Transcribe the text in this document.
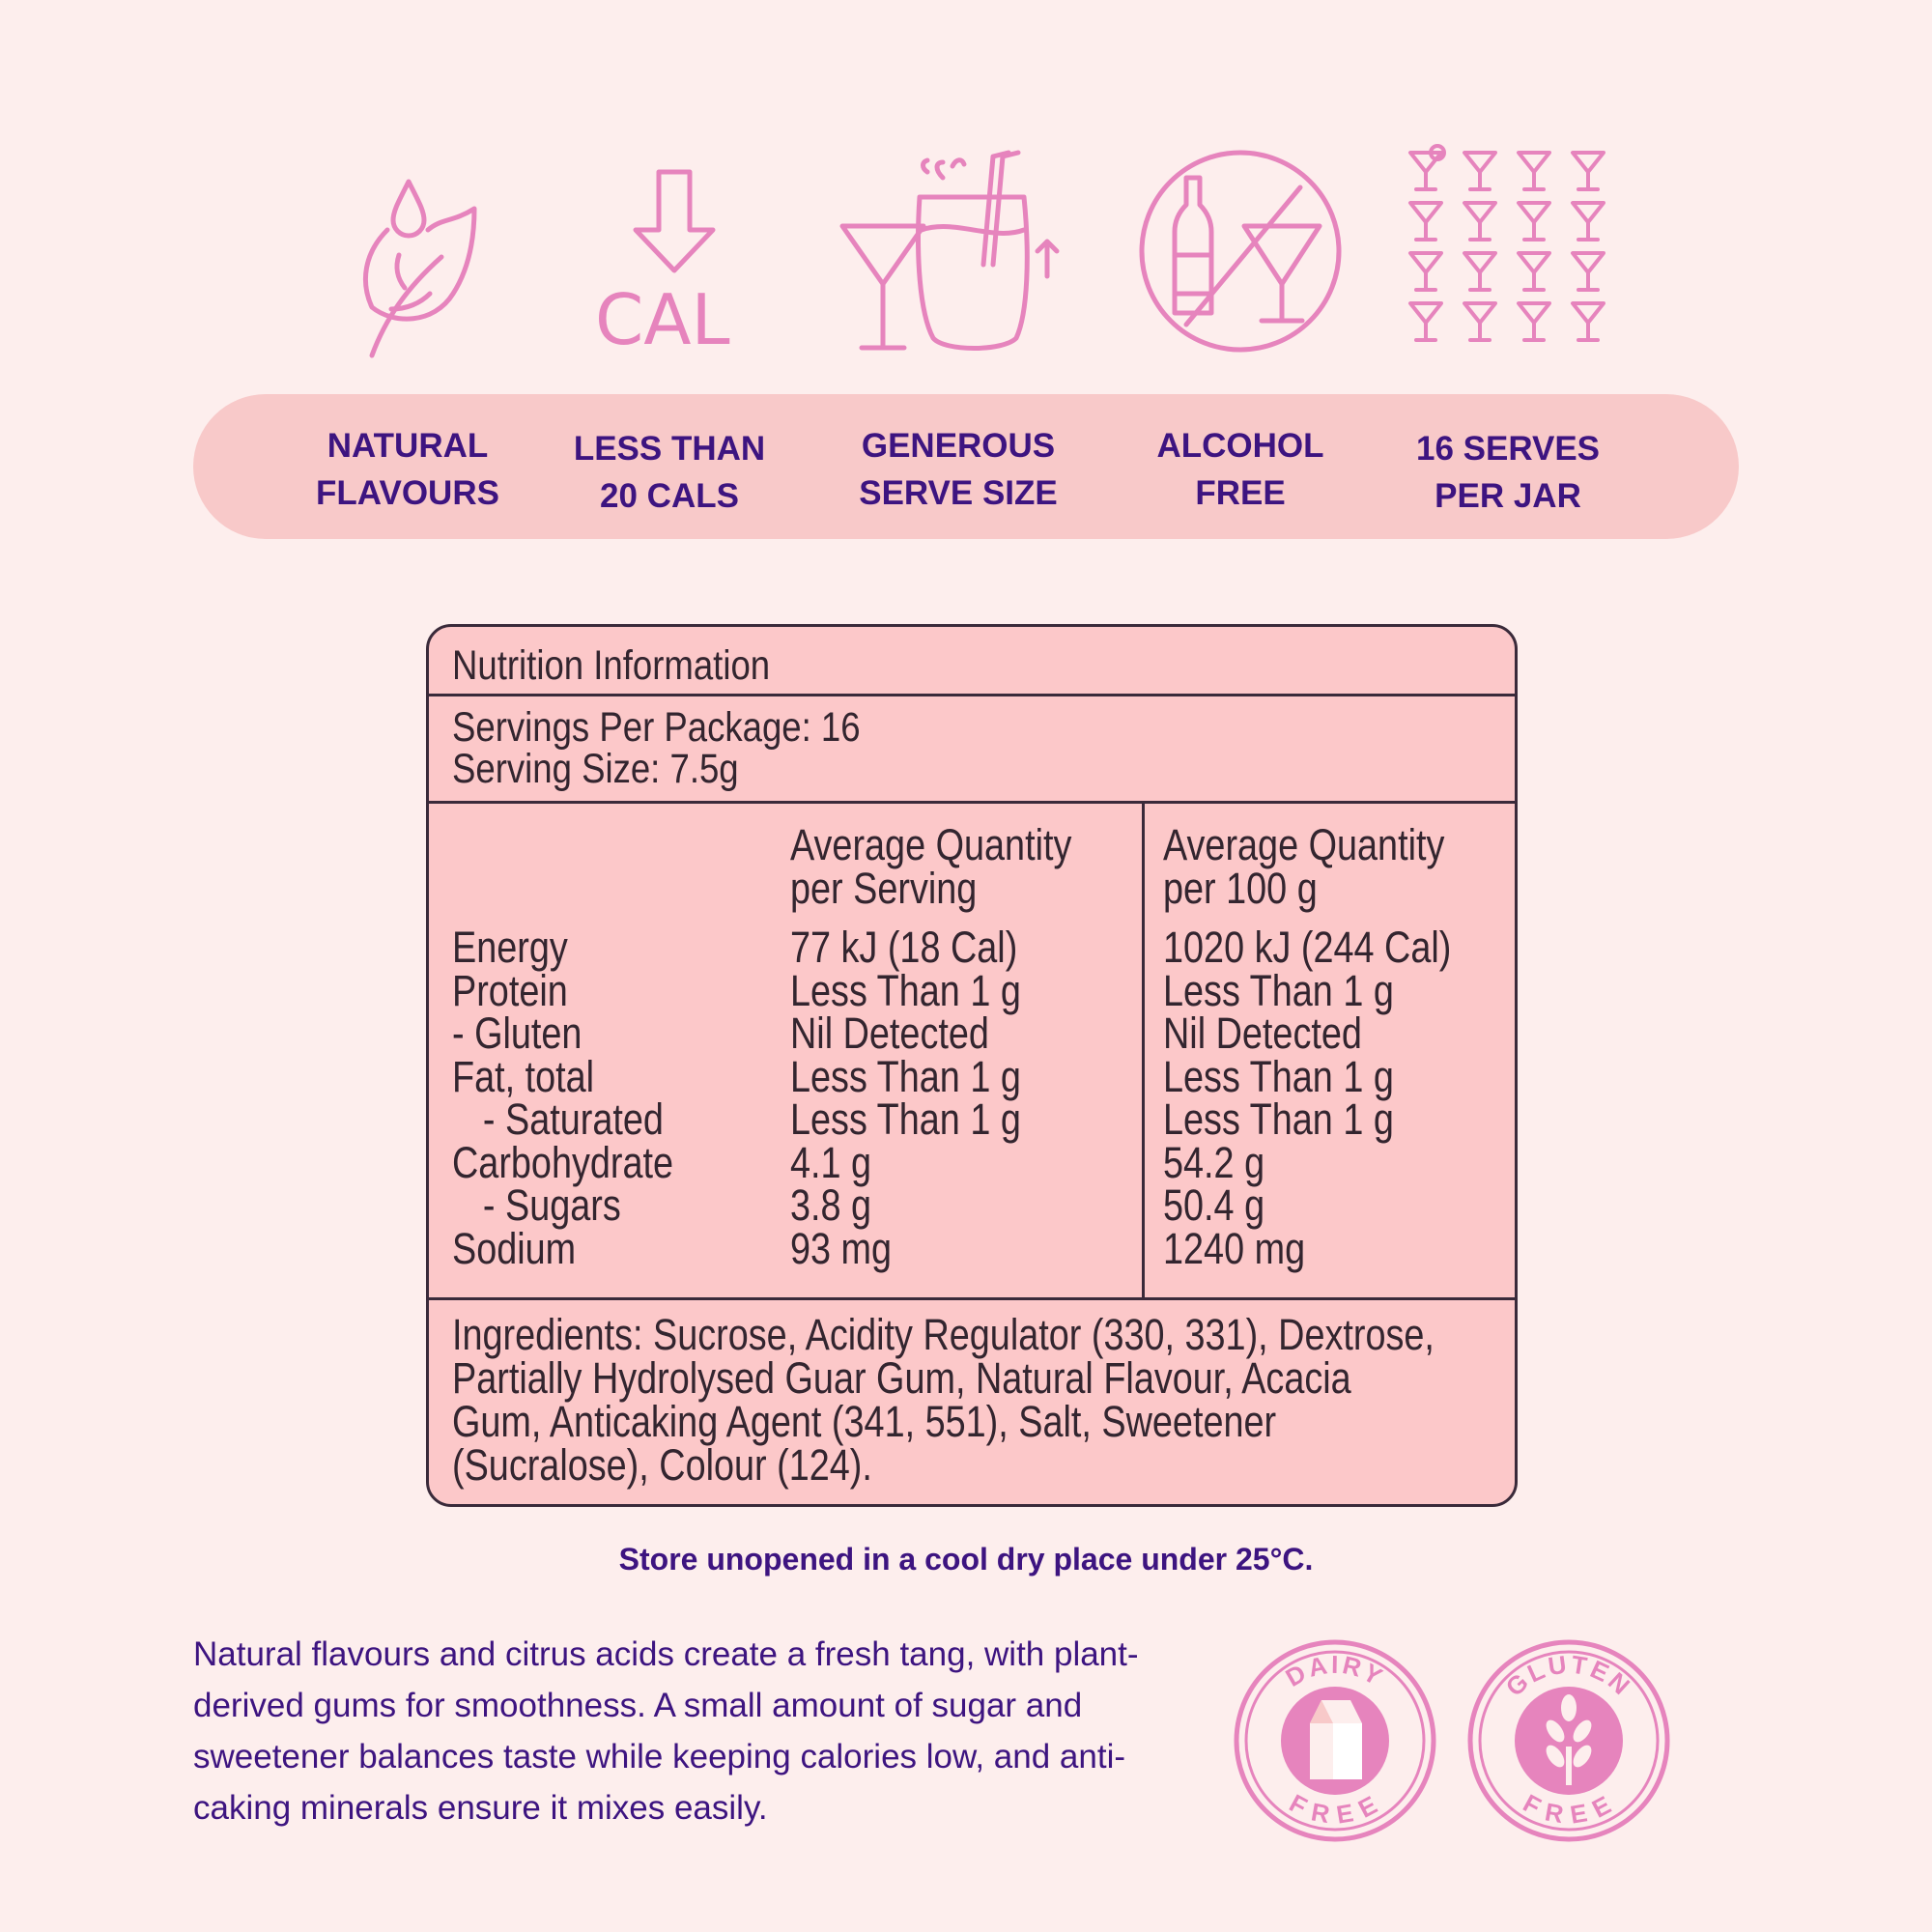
CAL
NATURAL
FLAVOURS
LESS THAN
20 CALS
GENEROUS
SERVE SIZE
ALCOHOL
FREE
16 SERVES
PER JAR
Nutrition Information
Servings Per Package: 16
Serving Size: 7.5g
Average Quantity
per Serving
Average Quantity
per 100 g
Energy
Protein
- Gluten
Fat, total
- Saturated
Carbohydrate
- Sugars
Sodium
77 kJ (18 Cal)
Less Than 1 g
Nil Detected
Less Than 1 g
Less Than 1 g
4.1 g
3.8 g
93 mg
1020 kJ (244 Cal)
Less Than 1 g
Nil Detected
Less Than 1 g
Less Than 1 g
54.2 g
50.4 g
1240 mg
Ingredients: Sucrose, Acidity Regulator (330, 331), Dextrose, Partially Hydrolysed Guar Gum, Natural Flavour, Acacia Gum, Anticaking Agent (341, 551), Salt, Sweetener (Sucralose), Colour (124).
Store unopened in a cool dry place under 25°C.
Natural flavours and citrus acids create a fresh tang, with plant-derived gums for smoothness. A small amount of sugar and sweetener balances taste while keeping calories low, and anti-caking minerals ensure it mixes easily.
DAIRY
FREE
GLUTEN
FREE
